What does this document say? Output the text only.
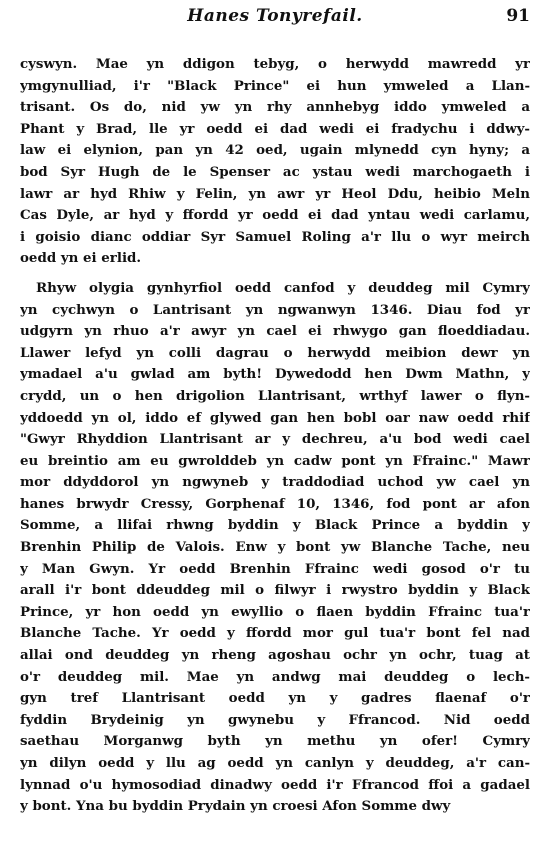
Hanes Tonyrefail.	91
cyswyn. Mae yn ddigon tebyg, o herwydd mawredd yr
ymgynulliad, i'r "Black Prince" ei hun ymweled a Llan-
trisant. Os do, nid yw yn rhy annhebyg iddo ymweled a
Phant y Brad, lle yr oedd ei dad wedi ei fradychu i ddwy-
law ei elynion, pan yn 42 oed, ugain mlynedd cyn hyny; a
bod Syr Hugh de le Spenser ac ystau wedi marchogaeth i
lawr ar hyd Rhiw y Felin, yn awr yr Heol Ddu, heibio Meln
Cas Dyle, ar hyd y ffordd yr oedd ei dad yntau wedi carlamu,
i goisio dianc oddiar Syr Samuel Roling a'r llu o wyr meirch
oedd yn ei erlid.
Rhyw olygia gynhyrfiol oedd canfod y deuddeg mil Cymry
yn cychwyn o Lantrisant yn ngwanwyn 1346. Diau fod yr
udgyrn yn rhuo a'r awyr yn cael ei rhwygo gan floeddiadau.
Llawer lefyd yn colli dagrau o herwydd meibion dewr yn
ymadael a'u gwlad am byth! Dywedodd hen Dwm Mathn, y
crydd, un o hen drigolion Llantrisant, wrthyf lawer o flyn-
yddoedd yn ol, iddo ef glywed gan hen bobl oar naw oedd rhif
"Gwyr Rhyddion Llantrisant ar y dechreu, a'u bod wedi cael
eu breintio am eu gwrolddeb yn cadw pont yn Ffrainc." Mawr
mor ddyddorol yn ngwyneb y traddodiad uchod yw cael yn
hanes brwydr Cressy, Gorphenaf 10, 1346, fod pont ar afon
Somme, a llifai rhwng byddin y Black Prince a byddin y
Brenhin Philip de Valois. Enw y bont yw Blanche Tache, neu
y Man Gwyn. Yr oedd Brenhin Ffrainc wedi gosod o'r tu
arall i'r bont ddeuddeg mil o filwyr i rwystro byddin y Black
Prince, yr hon oedd yn ewyllio o flaen byddin Ffrainc tua'r
Blanche Tache. Yr oedd y ffordd mor gul tua'r bont fel nad
allai ond deuddeg yn rheng agoshau ochr yn ochr, tuag at
o'r deuddeg mil. Mae yn andwg mai deuddeg o lech-
gyn tref Llantrisant oedd yn y gadres flaenaf o'r
fyddin Brydeinig yn gwynebu y Ffrancod. Nid oedd
saethau Morganwg byth yn methu yn ofer! Cymry
yn dilyn oedd y llu ag oedd yn canlyn y deuddeg, a'r can-
lynnad o'u hymosodiad dinadwy oedd i'r Ffrancod ffoi a gadael
y bont. Yna bu byddin Prydain yn croesi Afon Somme dwy
